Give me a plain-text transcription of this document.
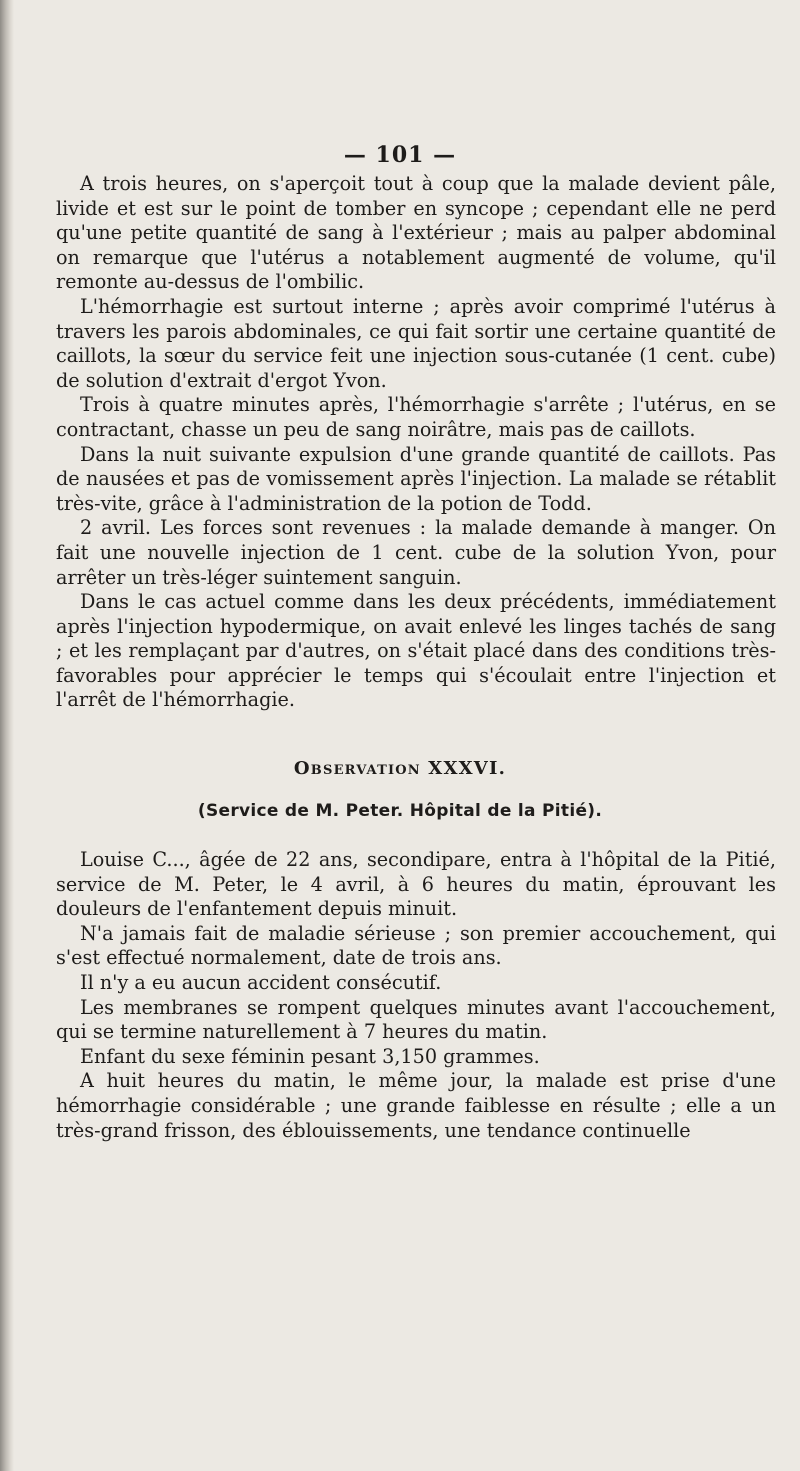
— 101 —

A trois heures, on s'aperçoit tout à coup que la malade devient pâle, livide et est sur le point de tomber en syncope ; cependant elle ne perd qu'une petite quantité de sang à l'extérieur ; mais au palper abdominal on remarque que l'utérus a notablement augmenté de volume, qu'il remonte au-dessus de l'ombilic.

L'hémorrhagie est surtout interne ; après avoir comprimé l'utérus à travers les parois abdominales, ce qui fait sortir une certaine quantité de caillots, la sœur du service feit une injection sous-cutanée (1 cent. cube) de solution d'extrait d'ergot Yvon.

Trois à quatre minutes après, l'hémorrhagie s'arrête ; l'utérus, en se contractant, chasse un peu de sang noirâtre, mais pas de caillots.

Dans la nuit suivante expulsion d'une grande quantité de caillots. Pas de nausées et pas de vomissement après l'injection. La malade se rétablit très-vite, grâce à l'administration de la potion de Todd.

2 avril. Les forces sont revenues : la malade demande à manger. On fait une nouvelle injection de 1 cent. cube de la solution Yvon, pour arrêter un très-léger suintement sanguin.

Dans le cas actuel comme dans les deux précédents, immédiatement après l'injection hypodermique, on avait enlevé les linges tachés de sang ; et les remplaçant par d'autres, on s'était placé dans des conditions très-favorables pour apprécier le temps qui s'écoulait entre l'injection et l'arrêt de l'hémorrhagie.

Observation XXXVI.
(Service de M. Peter. Hôpital de la Pitié).

Louise C..., âgée de 22 ans, secondipare, entra à l'hôpital de la Pitié, service de M. Peter, le 4 avril, à 6 heures du matin, éprouvant les douleurs de l'enfantement depuis minuit.

N'a jamais fait de maladie sérieuse ; son premier accouchement, qui s'est effectué normalement, date de trois ans.

Il n'y a eu aucun accident consécutif.

Les membranes se rompent quelques minutes avant l'accouchement, qui se termine naturellement à 7 heures du matin.

Enfant du sexe féminin pesant 3,150 grammes.

A huit heures du matin, le même jour, la malade est prise d'une hémorrhagie considérable ; une grande faiblesse en résulte ; elle a un très-grand frisson, des éblouissements, une tendance continuelle
